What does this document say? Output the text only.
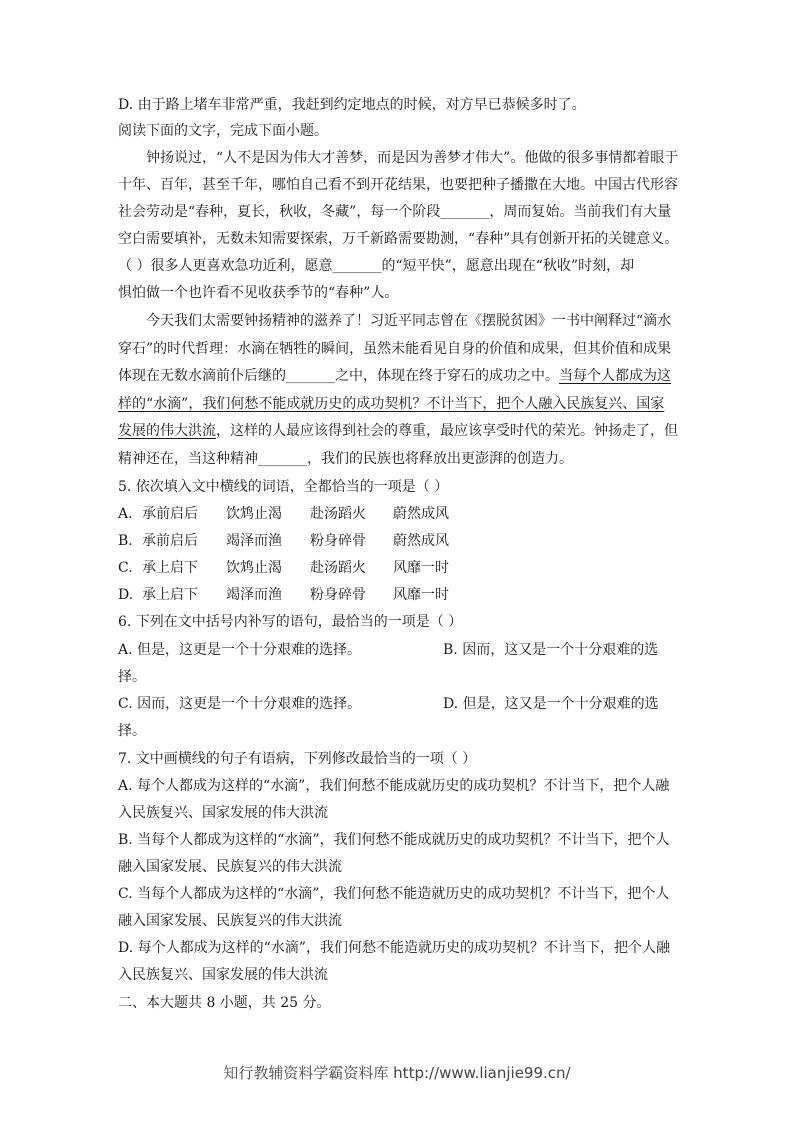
D. 由于路上堵车非常严重，我赶到约定地点的时候，对方早已恭候多时了。
阅读下面的文字，完成下面小题。
钟扬说过，“人不是因为伟大才善梦，而是因为善梦才伟大”。他做的很多事情都着眼于
十年、百年，甚至千年，哪怕自己看不到开花结果，也要把种子播撒在大地。中国古代形容
社会劳动是“春种，夏长，秋收，冬藏”，每一个阶段_______，周而复始。当前我们有大量
空白需要填补，无数未知需要探索，万千新路需要勘测，“春种”具有创新开拓的关键意义。
（ ）很多人更喜欢急功近利，愿意_______的“短平快”，愿意出现在“秋收”时刻，却
惧怕做一个也许看不见收获季节的“春种”人。
今天我们太需要钟扬精神的滋养了！习近平同志曾在《摆脱贫困》一书中阐释过“滴水
穿石”的时代哲理：水滴在牺牲的瞬间，虽然未能看见自身的价值和成果，但其价值和成果
体现在无数水滴前仆后继的_______之中，体现在终于穿石的成功之中。当每个人都成为这
样的“水滴”，我们何愁不能成就历史的成功契机？不计当下，把个人融入民族复兴、国家
发展的伟大洪流，这样的人最应该得到社会的尊重，最应该享受时代的荣光。钟扬走了，但
精神还在，当这种精神_______，我们的民族也将释放出更澎湃的创造力。
5. 依次填入文中横线的词语，全都恰当的一项是（ ）
A. 承前启后 饮鸩止渴 赴汤蹈火 蔚然成风
B. 承前启后 竭泽而渔 粉身碎骨 蔚然成风
C. 承上启下 饮鸩止渴 赴汤蹈火 风靡一时
D. 承上启下 竭泽而渔 粉身碎骨 风靡一时
6. 下列在文中括号内补写的语句，最恰当的一项是（ ）
A. 但是，这更是一个十分艰难的选择。	B. 因而，这又是一个十分艰难的选
择。
C. 因而，这更是一个十分艰难的选择。	D. 但是，这又是一个十分艰难的选
择。
7. 文中画横线的句子有语病，下列修改最恰当的一项（ ）
A. 每个人都成为这样的“水滴”，我们何愁不能成就历史的成功契机？不计当下，把个人融
入民族复兴、国家发展的伟大洪流
B. 当每个人都成为这样的“水滴”，我们何愁不能成就历史的成功契机？不计当下，把个人
融入国家发展、民族复兴的伟大洪流
C. 当每个人都成为这样的“水滴”，我们何愁不能造就历史的成功契机？不计当下，把个人
融入国家发展、民族复兴的伟大洪流
D. 每个人都成为这样的“水滴”，我们何愁不能造就历史的成功契机？不计当下，把个人融
入民族复兴、国家发展的伟大洪流
二、本大题共 8 小题，共 25 分。
知行教辅资料学霸资料库 http://www.lianjie99.cn/
